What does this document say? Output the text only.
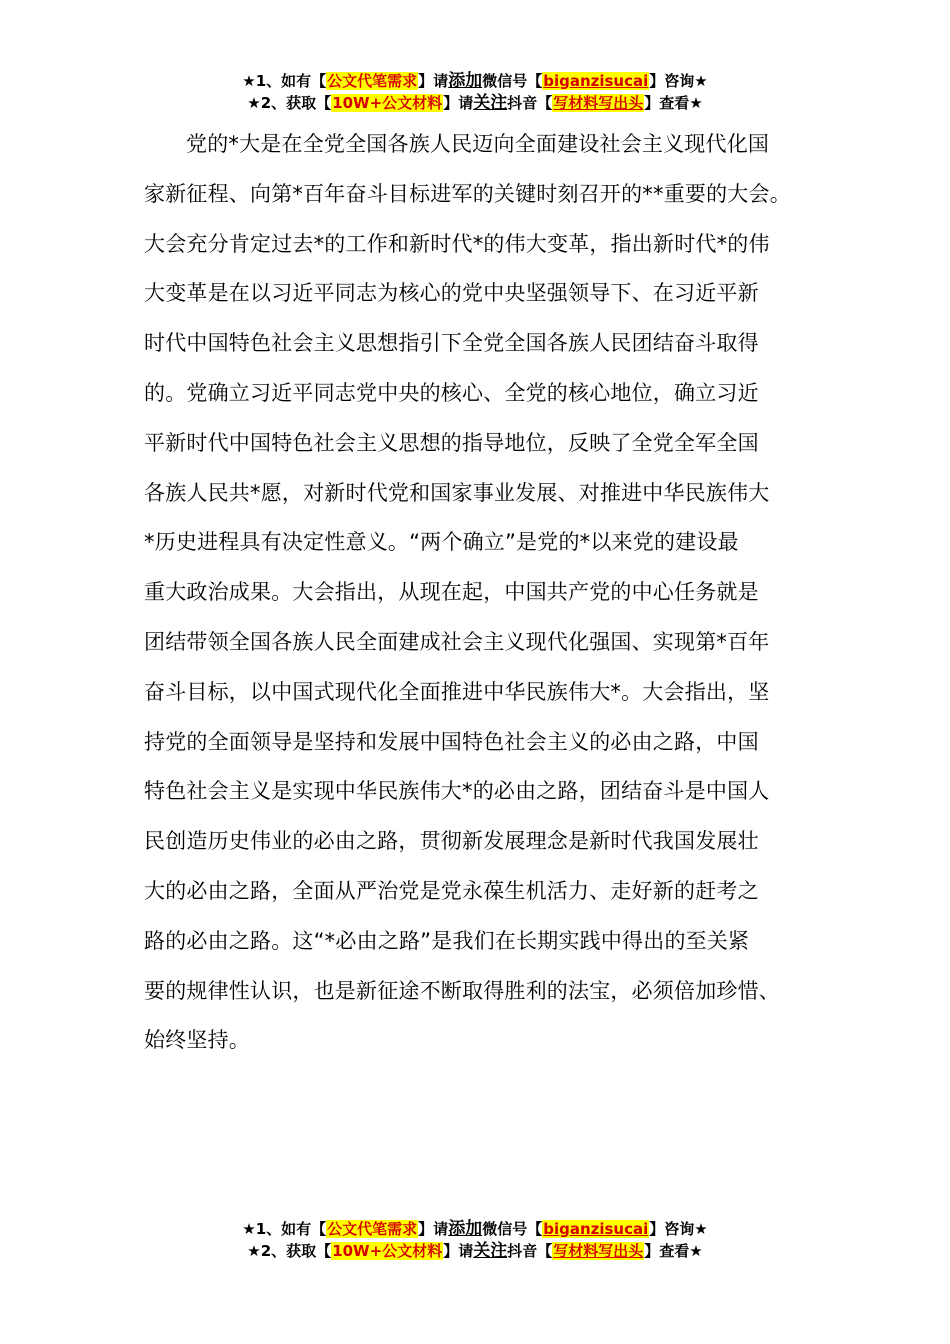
★1、如有【公文代笔需求】请添加微信号【biganzisucai】咨询★
★2、获取【10W+公文材料】请关注抖音【写材料写出头】查看★
党的*大是在全党全国各族人民迈向全面建设社会主义现代化国
家新征程、向第*百年奋斗目标进军的关键时刻召开的**重要的大会。
大会充分肯定过去*的工作和新时代*的伟大变革，指出新时代*的伟
大变革是在以习近平同志为核心的党中央坚强领导下、在习近平新
时代中国特色社会主义思想指引下全党全国各族人民团结奋斗取得
的。党确立习近平同志党中央的核心、全党的核心地位，确立习近
平新时代中国特色社会主义思想的指导地位，反映了全党全军全国
各族人民共*愿，对新时代党和国家事业发展、对推进中华民族伟大
*历史进程具有决定性意义。“两个确立”是党的*以来党的建设最
重大政治成果。大会指出，从现在起，中国共产党的中心任务就是
团结带领全国各族人民全面建成社会主义现代化强国、实现第*百年
奋斗目标，以中国式现代化全面推进中华民族伟大*。大会指出，坚
持党的全面领导是坚持和发展中国特色社会主义的必由之路，中国
特色社会主义是实现中华民族伟大*的必由之路，团结奋斗是中国人
民创造历史伟业的必由之路，贯彻新发展理念是新时代我国发展壮
大的必由之路，全面从严治党是党永葆生机活力、走好新的赶考之
路的必由之路。这“*必由之路”是我们在长期实践中得出的至关紧
要的规律性认识，也是新征途不断取得胜利的法宝，必须倍加珍惜、
始终坚持。
★1、如有【公文代笔需求】请添加微信号【biganzisucai】咨询★
★2、获取【10W+公文材料】请关注抖音【写材料写出头】查看★
